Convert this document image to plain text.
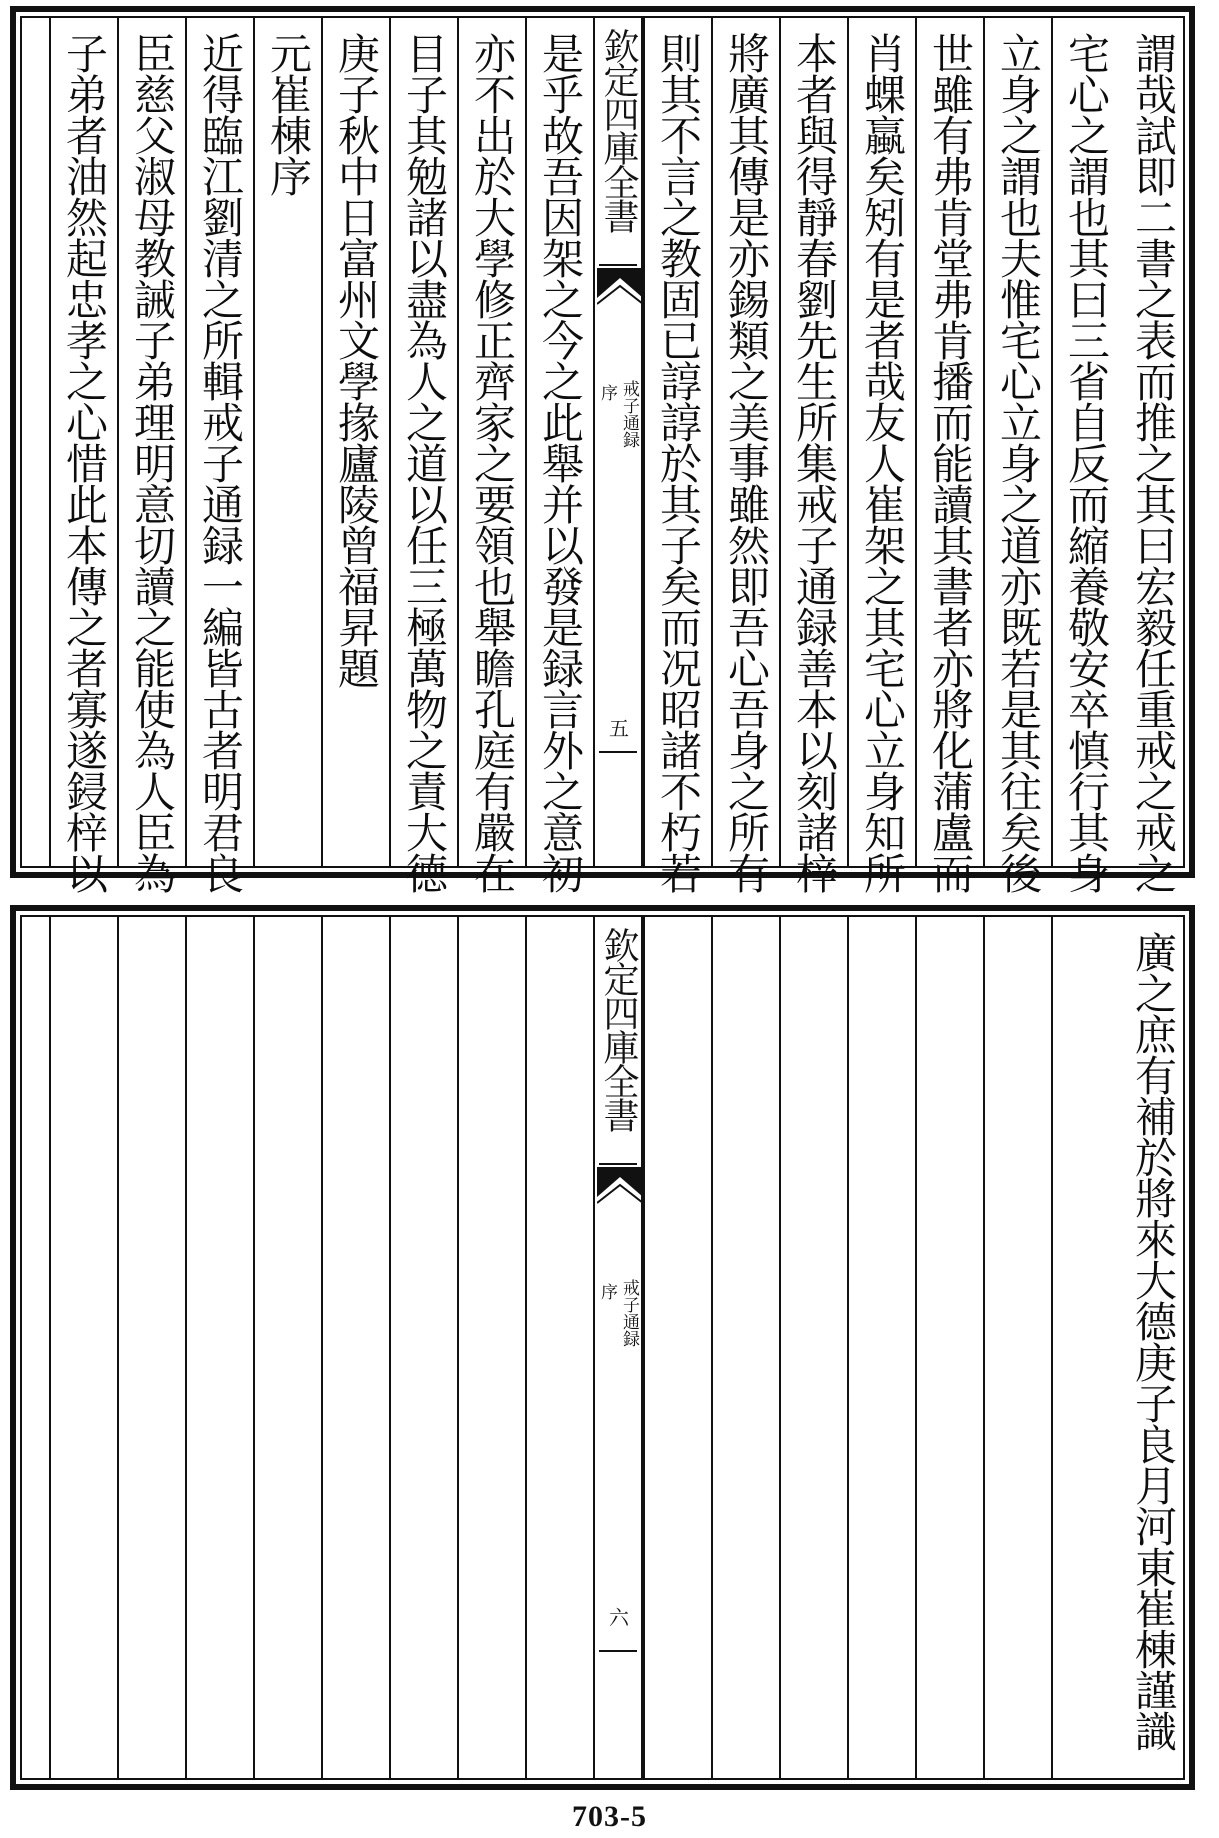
謂哉試即二書之表而推之其曰宏毅任重戒之戒之
宅心之謂也其曰三省自反而縮養敬安卒慎行其身
立身之謂也夫惟宅心立身之道亦既若是其往矣後
世雖有弗肯堂弗肯播而能讀其書者亦將化蒲盧而
肖蜾蠃矣矧有是者哉友人崔架之其宅心立身知所
本者與得靜春劉先生所集戒子通録善本以刻諸梓
將廣其傳是亦錫類之美事雖然即吾心吾身之所有
則其不言之教固已諄諄於其子矣而况昭諸不朽若
欽定四庫全書
戒子通録
序
五
是乎故吾因架之今之此舉并以發是録言外之意初
亦不出於大學修正齊家之要領也舉瞻孔庭有嚴在
目子其勉諸以盡為人之道以任三極萬物之責大德
庚子秋中日富州文學掾廬陵曾福昇題
元崔棟序
近得臨江劉清之所輯戒子通録一編皆古者明君良
臣慈父淑母教誡子弟理明意切讀之能使為人臣為
子弟者油然起忠孝之心惜此本傳之者寡遂鋟梓以
廣之庶有補於將來大德庚子良月河東崔棟謹識
欽定四庫全書
戒子通録
序
六
703-5
